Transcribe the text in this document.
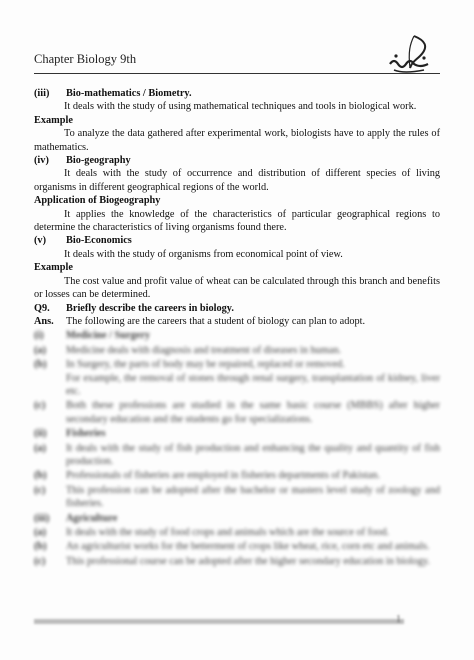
Chapter Biology 9th
(iii)	Bio-mathematics / Biometry.

It deals with the study of using mathematical techniques and tools in biological work.

Example

To analyze the data gathered after experimental work, biologists have to apply the rules of mathematics.

(iv)	Bio-geography

It deals with the study of occurrence and distribution of different species of living organisms in different geographical regions of the world.

Application of Biogeography

It applies the knowledge of the characteristics of particular geographical regions to determine the characteristics of living organisms found there.

(v)	Bio-Economics

It deals with the study of organisms from economical point of view.

Example

The cost value and profit value of wheat can be calculated through this branch and benefits or losses can be determined.

Q9.	Briefly describe the careers in biology.
Ans.	The following are the careers that a student of biology can plan to adopt.
(i)	Medicine / Surgery
(a)	Medicine deals with diagnosis and treatment of diseases in human.
(b)	In Surgery, the parts of body may be repaired, replaced or removed.

For example, the removal of stones through renal surgery, transplantation of kidney, liver etc.

(c)	Both these professions are studied in the same basic course (MBBS) after higher secondary education and the students go for specializations.
(ii)	Fisheries
(a)	It deals with the study of fish production and enhancing the quality and quantity of fish production.
(b)	Professionals of fisheries are employed in fisheries departments of Pakistan.
(c)	This profession can be adopted after the bachelor or masters level study of zoology and fisheries.
(iii)	Agriculture
(a)	It deals with the study of food crops and animals which are the source of food.
(b)	An agriculturist works for the betterment of crops like wheat, rice, corn etc and animals.
(c)	This professional course can be adopted after the higher secondary education in biology.
1
